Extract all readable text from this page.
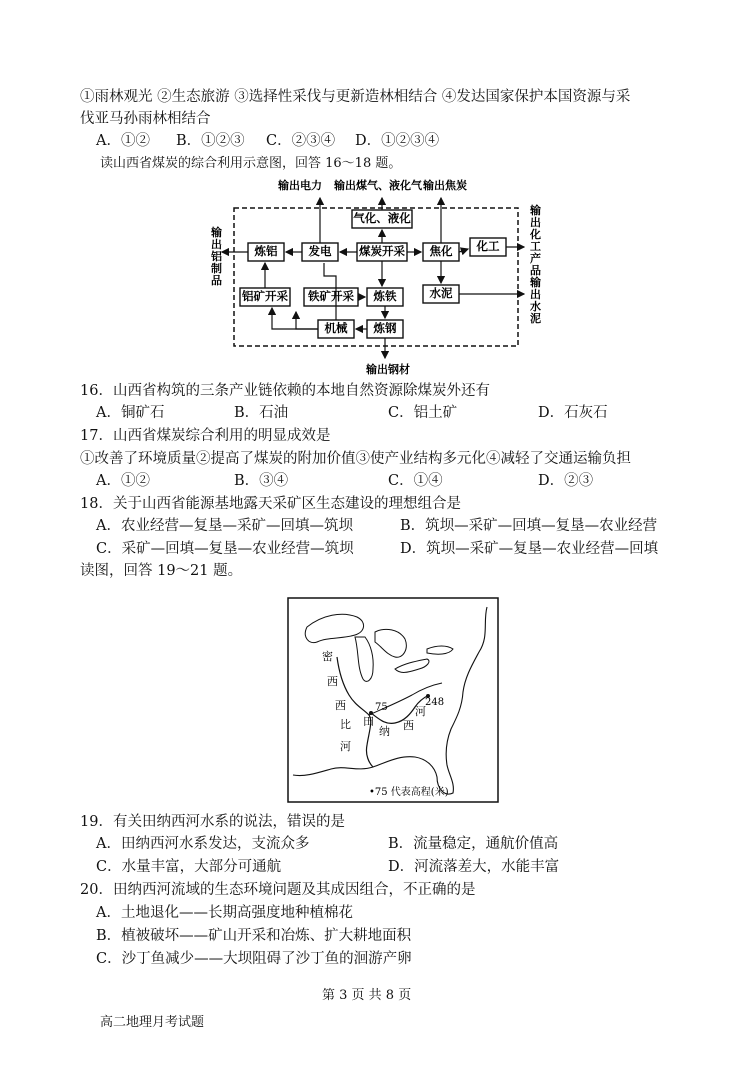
①雨林观光 ②生态旅游 ③选择性采伐与更新造林相结合 ④发达国家保护本国资源与采
伐亚马孙雨林相结合
A．①② B．①②③ C．②③④ D．①②③④
读山西省煤炭的综合利用示意图，回答 16～18 题。
输出电力 输出煤气、液化气 输出焦炭
输
出
铝
制
品
输
出
化
工
产
品
输
出
水
泥
输出钢材
气化、液化
炼铝	发电 煤炭开采 焦化 化工
铝矿开采 铁矿开采 炼铁	水泥
机械 炼钢
16．山西省构筑的三条产业链依赖的本地自然资源除煤炭外还有
A．铜矿石	B．石油	C．铝土矿	D．石灰石
17．山西省煤炭综合利用的明显成效是
①改善了环境质量②提高了煤炭的附加价值③使产业结构多元化④减轻了交通运输负担
A．①②	B．③④	C．①④	D．②③
18．关于山西省能源基地露天采矿区生态建设的理想组合是
A．农业经营—复垦—采矿—回填—筑坝	B．筑坝—采矿—回填—复垦—农业经营
C．采矿—回填—复垦—农业经营—筑坝	D．筑坝—采矿—复垦—农业经营—回填
读图，回答 19～21 题。
密
西
西
比
河
田
纳 西
河
75	248
•75 代表高程(米)
19．有关田纳西河水系的说法，错误的是
A．田纳西河水系发达，支流众多	B．流量稳定，通航价值高
C．水量丰富，大部分可通航	D．河流落差大，水能丰富
20．田纳西河流域的生态环境问题及其成因组合，不正确的是
A．土地退化——长期高强度地种植棉花
B．植被破坏——矿山开采和冶炼、扩大耕地面积
C．沙丁鱼减少——大坝阻碍了沙丁鱼的洄游产卵
第 3 页 共 8 页
高二地理月考试题
